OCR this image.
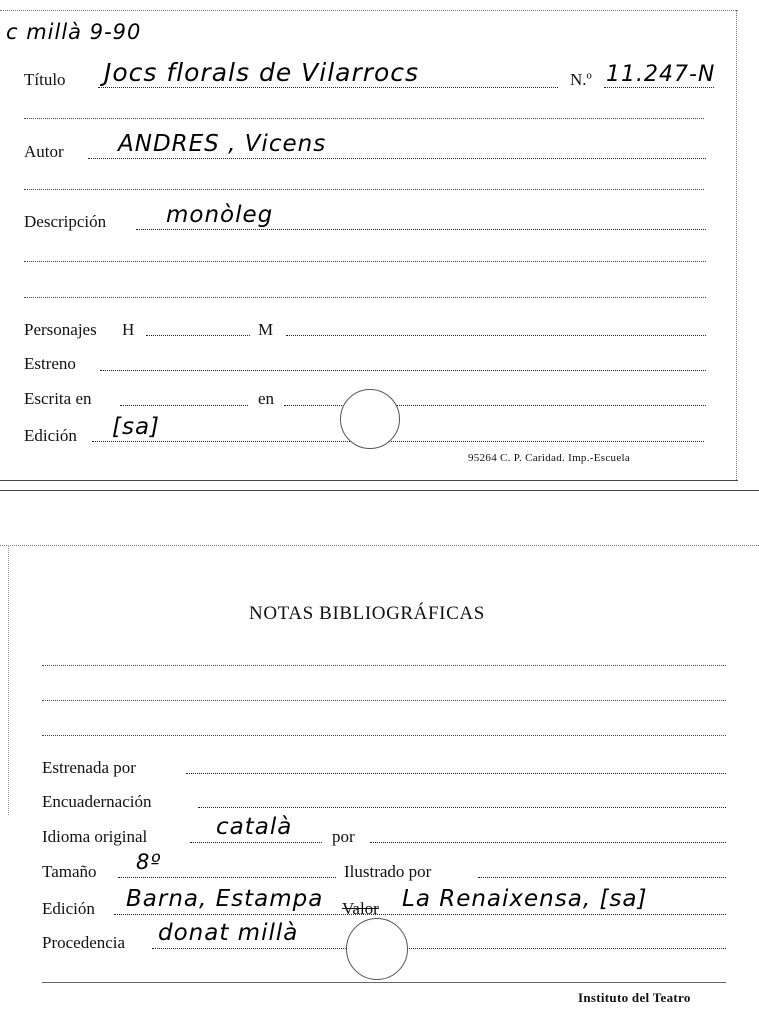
c millà 9-90
Título Jocs florals de Vilarrocs	N.º 11.247-N
Autor ANDRES , Vicens
Descripción	monòleg
Personajes H	M
Estreno
Escrita en	en
Edición [sa]
95264 C. P. Caridad. Imp.-Escuela
NOTAS BIBLIOGRÁFICAS
Estrenada por
Encuadernación
Idioma original	català por
Tamaño 8º	Ilustrado por
Edición Barna, Estampa Valor La Renaixensa, [sa]
Procedencia donat millà
Instituto del Teatro
